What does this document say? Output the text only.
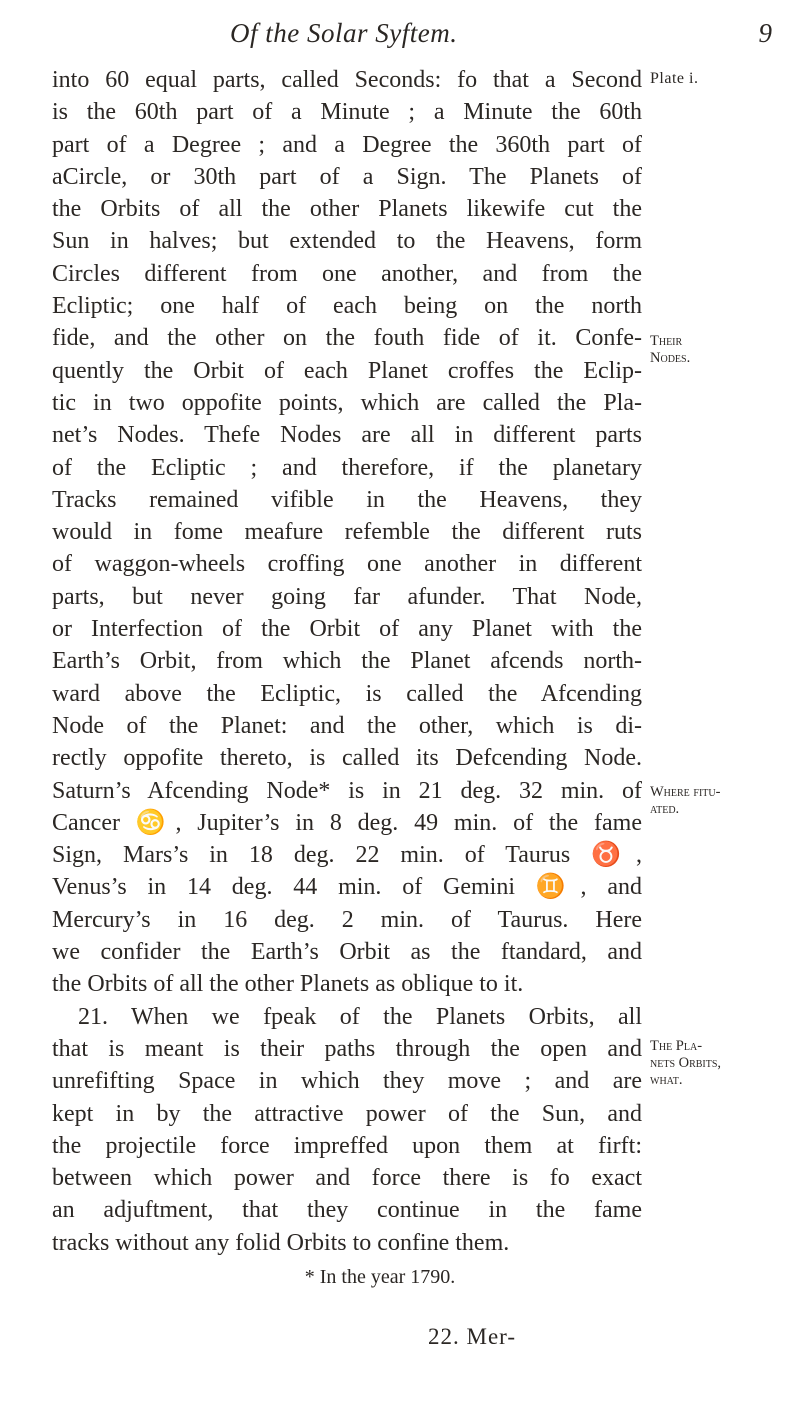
Of the Solar Syftem.	9
into 60 equal parts, called Seconds: fo that a Second
is the 60th part of a Minute ; a Minute the 60th
part of a Degree ; and a Degree the 360th part of
aCircle, or 30th part of a Sign. The Planets of
the Orbits of all the other Planets likewife cut the
Sun in halves; but extended to the Heavens, form
Circles different from one another, and from the
Ecliptic; one half of each being on the north
fide, and the other on the fouth fide of it. Confe-
quently the Orbit of each Planet croffes the Eclip-
tic in two oppofite points, which are called the Pla-
net’s Nodes. Thefe Nodes are all in different parts
of the Ecliptic ; and therefore, if the planetary
Tracks remained vifible in the Heavens, they
would in fome meafure refemble the different ruts
of waggon-wheels croffing one another in different
parts, but never going far afunder. That Node,
or Interfection of the Orbit of any Planet with the
Earth’s Orbit, from which the Planet afcends north-
ward above the Ecliptic, is called the Afcending
Node of the Planet: and the other, which is di-
rectly oppofite thereto, is called its Defcending Node.
Saturn’s Afcending Node* is in 21 deg. 32 min. of
Cancer ♋, Jupiter’s in 8 deg. 49 min. of the fame
Sign, Mars’s in 18 deg. 22 min. of Taurus ♉,
Venus’s in 14 deg. 44 min. of Gemini ♊, and
Mercury’s in 16 deg. 2 min. of Taurus. Here
we confider the Earth’s Orbit as the ftandard, and
the Orbits of all the other Planets as oblique to it.
21. When we fpeak of the Planets Orbits, all
that is meant is their paths through the open and
unrefifting Space in which they move ; and are
kept in by the attractive power of the Sun, and
the projectile force impreffed upon them at firft:
between which power and force there is fo exact
an adjuftment, that they continue in the fame
tracks without any folid Orbits to confine them.
Plate i.
Their
Nodes.
Where fitu-
ated.
The Pla-
nets Orbits,
what.
* In the year 1790.
22. Mer-
